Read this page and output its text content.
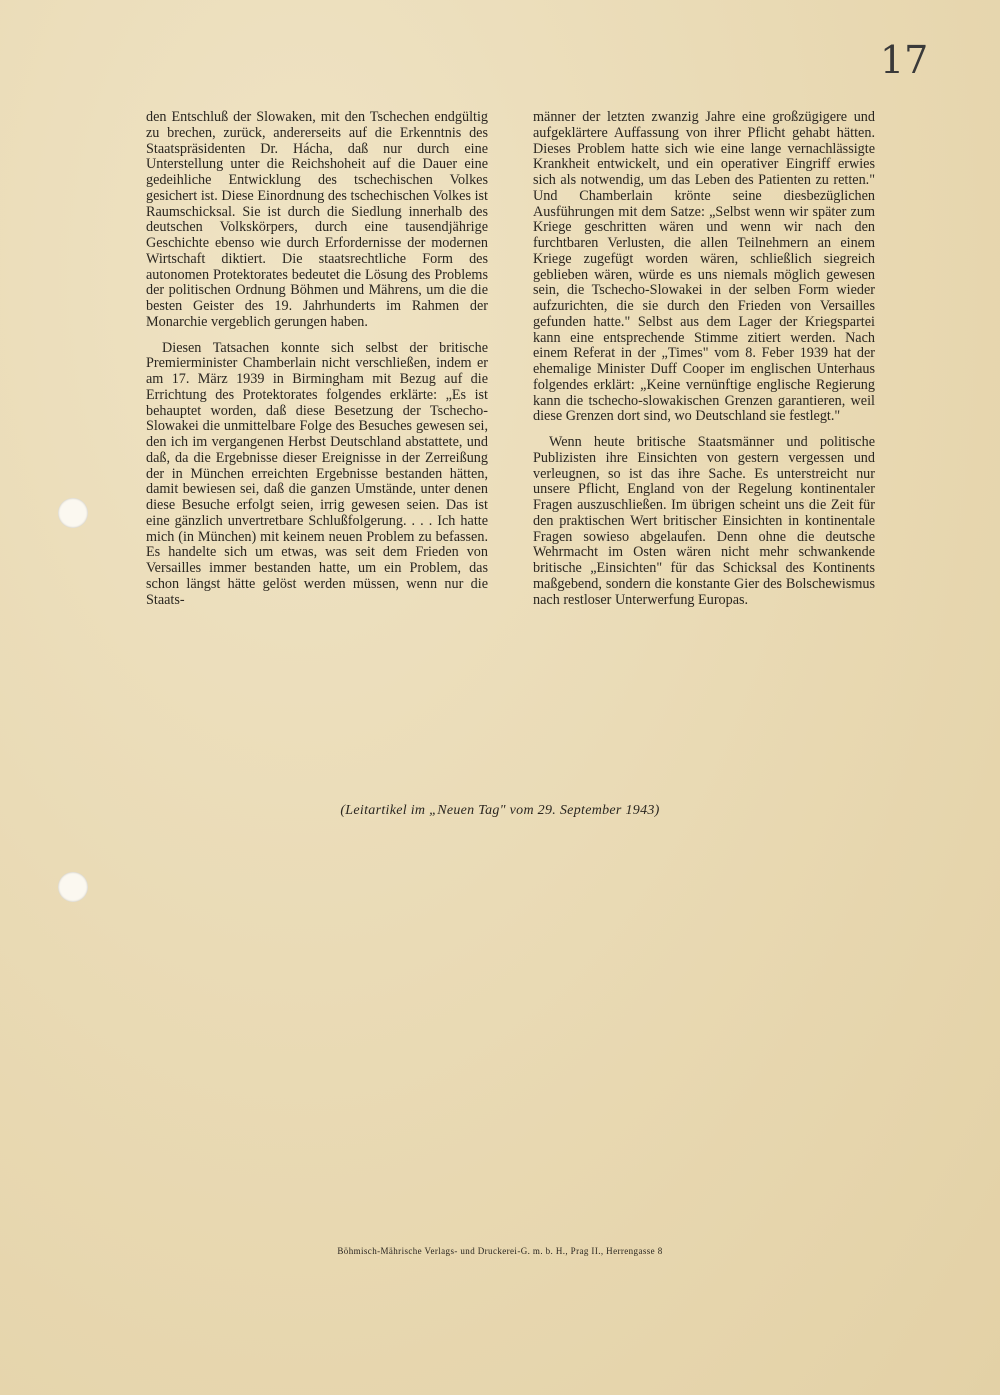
17

den Entschluß der Slowaken, mit den Tschechen endgültig zu brechen, zurück, andererseits auf die Erkenntnis des Staatspräsidenten Dr. Hácha, daß nur durch eine Unterstellung unter die Reichshoheit auf die Dauer eine gedeihliche Entwicklung des tschechischen Volkes gesichert ist. Diese Einordnung des tschechischen Volkes ist Raumschicksal. Sie ist durch die Siedlung innerhalb des deutschen Volkskörpers, durch eine tausendjährige Geschichte ebenso wie durch Erfordernisse der modernen Wirtschaft diktiert. Die staatsrechtliche Form des autonomen Protektorates bedeutet die Lösung des Problems der politischen Ordnung Böhmen und Mährens, um die die besten Geister des 19. Jahrhunderts im Rahmen der Monarchie vergeblich gerungen haben.

Diesen Tatsachen konnte sich selbst der britische Premierminister Chamberlain nicht verschließen, indem er am 17. März 1939 in Birmingham mit Bezug auf die Errichtung des Protektorates folgendes erklärte: „Es ist behauptet worden, daß diese Besetzung der Tschecho-Slowakei die unmittelbare Folge des Besuches gewesen sei, den ich im vergangenen Herbst Deutschland abstattete, und daß, da die Ergebnisse dieser Ereignisse in der Zerreißung der in München erreichten Ergebnisse bestanden hätten, damit bewiesen sei, daß die ganzen Umstände, unter denen diese Besuche erfolgt seien, irrig gewesen seien. Das ist eine gänzlich unvertretbare Schlußfolgerung. . . . Ich hatte mich (in München) mit keinem neuen Problem zu befassen. Es handelte sich um etwas, was seit dem Frieden von Versailles immer bestanden hatte, um ein Problem, das schon längst hätte gelöst werden müssen, wenn nur die Staats-

männer der letzten zwanzig Jahre eine großzügigere und aufgeklärtere Auffassung von ihrer Pflicht gehabt hätten. Dieses Problem hatte sich wie eine lange vernachlässigte Krankheit entwickelt, und ein operativer Eingriff erwies sich als notwendig, um das Leben des Patienten zu retten." Und Chamberlain krönte seine diesbezüglichen Ausführungen mit dem Satze: „Selbst wenn wir später zum Kriege geschritten wären und wenn wir nach den furchtbaren Verlusten, die allen Teilnehmern an einem Kriege zugefügt worden wären, schließlich siegreich geblieben wären, würde es uns niemals möglich gewesen sein, die Tschecho-Slowakei in der selben Form wieder aufzurichten, die sie durch den Frieden von Versailles gefunden hatte." Selbst aus dem Lager der Kriegspartei kann eine entsprechende Stimme zitiert werden. Nach einem Referat in der „Times" vom 8. Feber 1939 hat der ehemalige Minister Duff Cooper im englischen Unterhaus folgendes erklärt: „Keine vernünftige englische Regierung kann die tschecho-slowakischen Grenzen garantieren, weil diese Grenzen dort sind, wo Deutschland sie festlegt."

Wenn heute britische Staatsmänner und politische Publizisten ihre Einsichten von gestern vergessen und verleugnen, so ist das ihre Sache. Es unterstreicht nur unsere Pflicht, England von der Regelung kontinentaler Fragen auszuschließen. Im übrigen scheint uns die Zeit für den praktischen Wert britischer Einsichten in kontinentale Fragen sowieso abgelaufen. Denn ohne die deutsche Wehrmacht im Osten wären nicht mehr schwankende britische „Einsichten" für das Schicksal des Kontinents maßgebend, sondern die konstante Gier des Bolschewismus nach restloser Unterwerfung Europas.

(Leitartikel im „Neuen Tag" vom 29. September 1943)
Böhmisch-Mährische Verlags- und Druckerei-G. m. b. H., Prag II., Herrengasse 8
